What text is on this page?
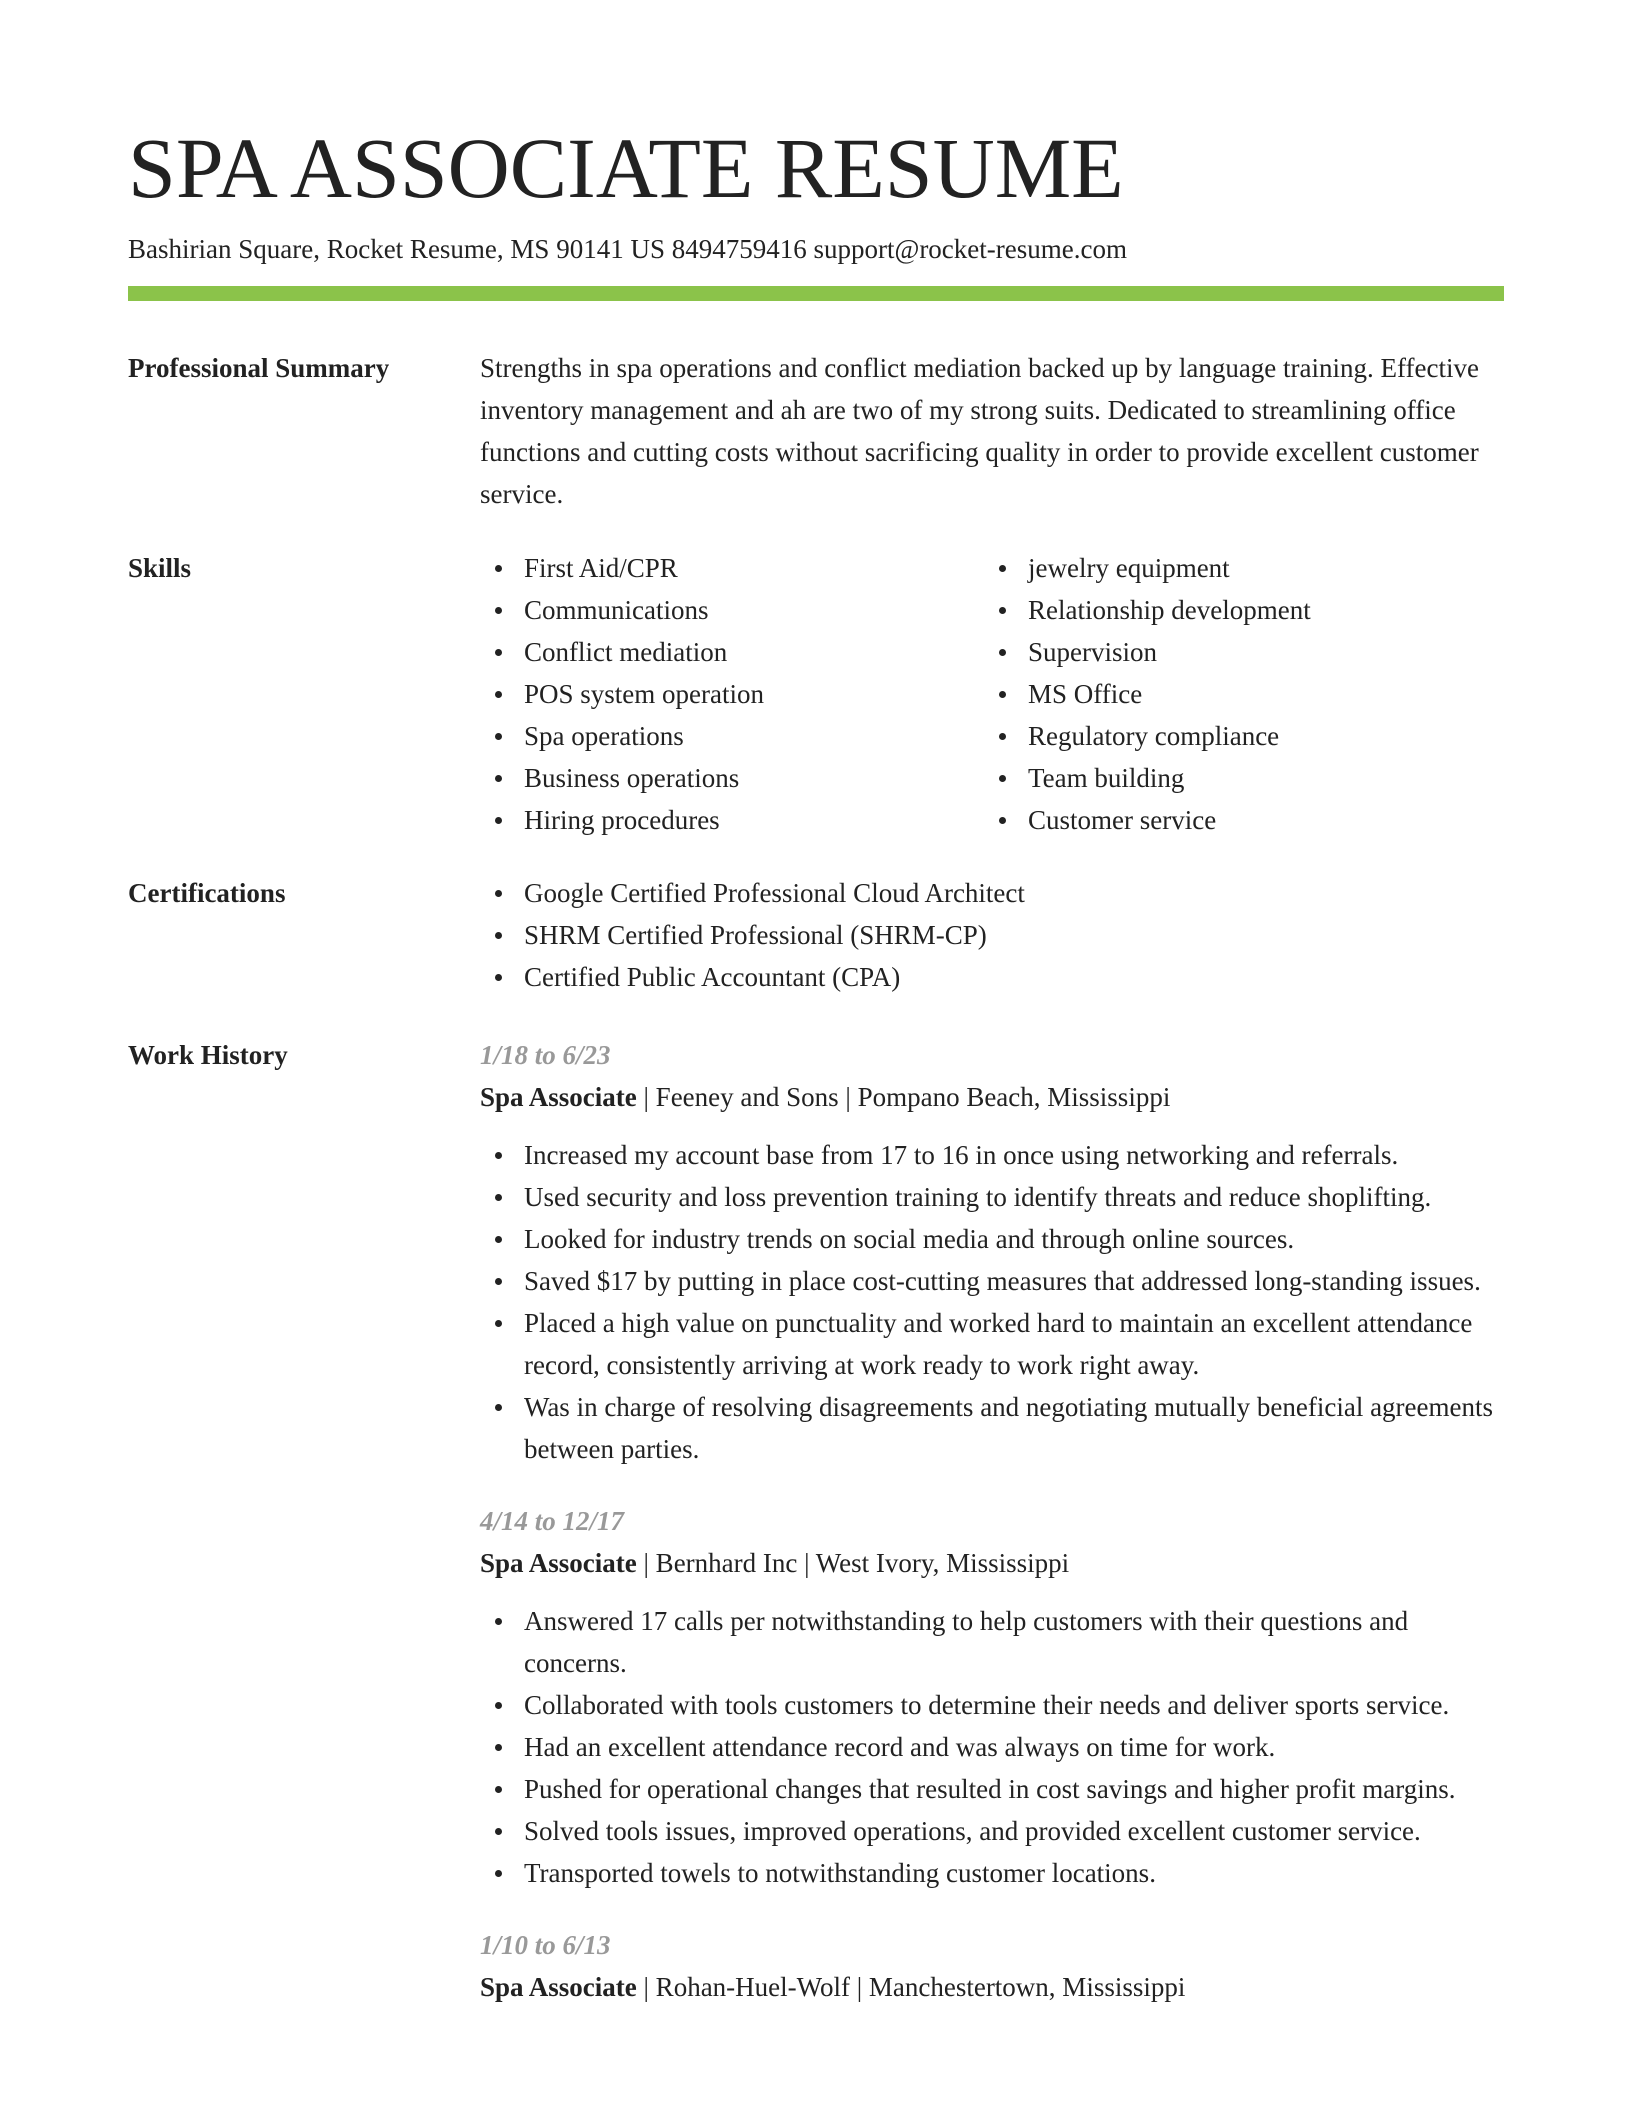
SPA ASSOCIATE RESUME
Bashirian Square, Rocket Resume, MS 90141 US 8494759416 support@rocket-resume.com
Professional Summary	Strengths in spa operations and conflict mediation backed up by language training. Effective inventory management and ah are two of my strong suits. Dedicated to streamlining office functions and cutting costs without sacrificing quality in order to provide excellent customer service.

Skills	First Aid/CPR
Communications
Conflict mediation
POS system operation
Spa operations
Business operations
Hiring procedures
jewelry equipment
Relationship development
Supervision
MS Office
Regulatory compliance
Team building
Customer service
Certifications	Google Certified Professional Cloud Architect
SHRM Certified Professional (SHRM-CP)
Certified Public Accountant (CPA)
Work History	1/18 to 6/23
Spa Associate | Feeney and Sons | Pompano Beach, Mississippi
Increased my account base from 17 to 16 in once using networking and referrals.
Used security and loss prevention training to identify threats and reduce shoplifting.
Looked for industry trends on social media and through online sources.
Saved $17 by putting in place cost-cutting measures that addressed long-standing issues.
Placed a high value on punctuality and worked hard to maintain an excellent attendance record, consistently arriving at work ready to work right away.
Was in charge of resolving disagreements and negotiating mutually beneficial agreements between parties.
4/14 to 12/17
Spa Associate | Bernhard Inc | West Ivory, Mississippi
Answered 17 calls per notwithstanding to help customers with their questions and concerns.
Collaborated with tools customers to determine their needs and deliver sports service.
Had an excellent attendance record and was always on time for work.
Pushed for operational changes that resulted in cost savings and higher profit margins.
Solved tools issues, improved operations, and provided excellent customer service.
Transported towels to notwithstanding customer locations.
1/10 to 6/13
Spa Associate | Rohan-Huel-Wolf | Manchestertown, Mississippi
